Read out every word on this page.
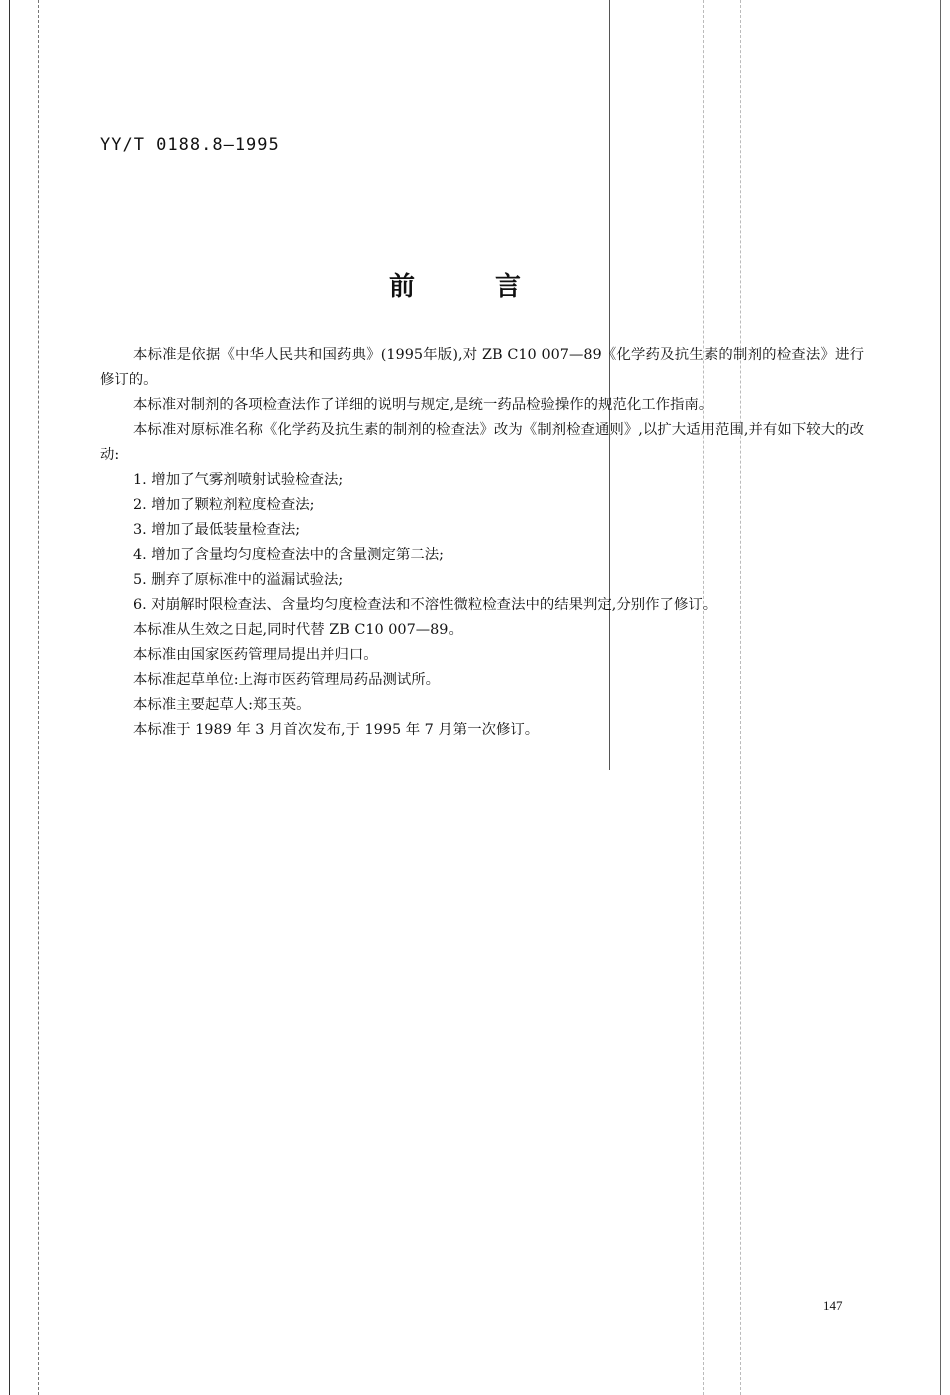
YY/T 0188.8—1995
前言

本标准是依据《中华人民共和国药典》(1995年版),对 ZB C10 007—89《化学药及抗生素的制剂的检查法》进行修订的。

本标准对制剂的各项检查法作了详细的说明与规定,是统一药品检验操作的规范化工作指南。

本标准对原标准名称《化学药及抗生素的制剂的检查法》改为《制剂检查通则》,以扩大适用范围,并有如下较大的改动:

1. 增加了气雾剂喷射试验检查法;

2. 增加了颗粒剂粒度检查法;

3. 增加了最低装量检查法;

4. 增加了含量均匀度检查法中的含量测定第二法;

5. 删弃了原标准中的溢漏试验法;

6. 对崩解时限检查法、含量均匀度检查法和不溶性微粒检查法中的结果判定,分别作了修订。

本标准从生效之日起,同时代替 ZB C10 007—89。

本标准由国家医药管理局提出并归口。

本标准起草单位:上海市医药管理局药品测试所。

本标准主要起草人:郑玉英。

本标准于 1989 年 3 月首次发布,于 1995 年 7 月第一次修订。

147
